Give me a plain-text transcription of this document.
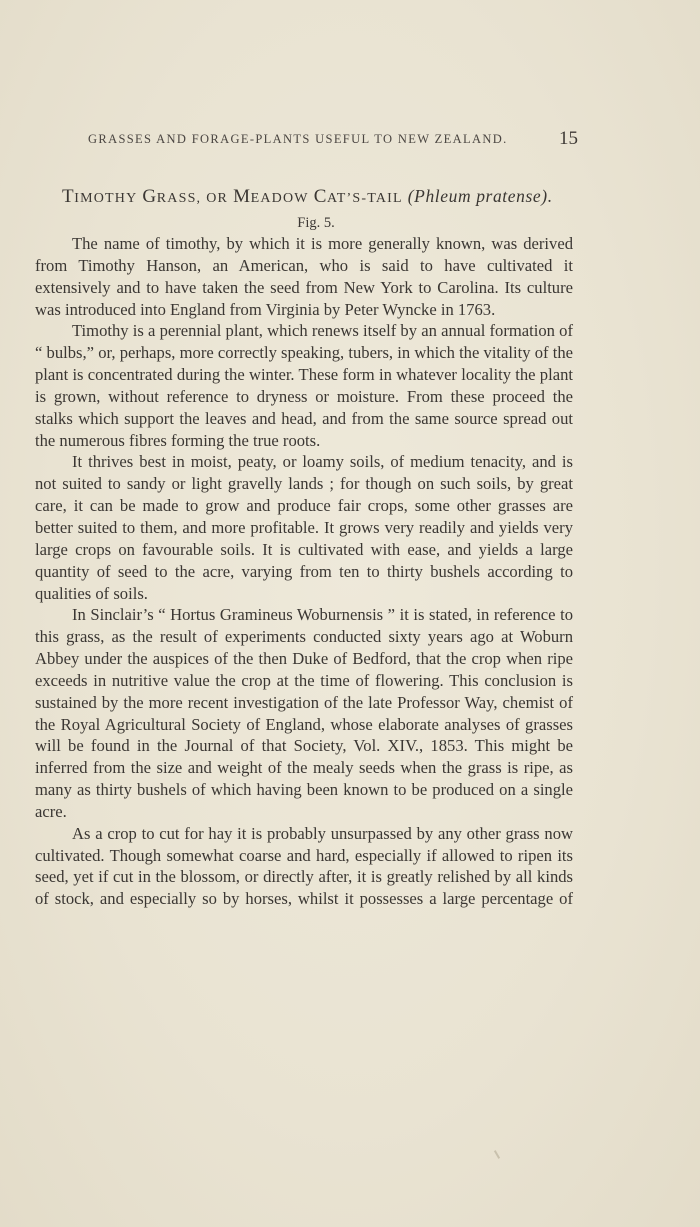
GRASSES AND FORAGE-PLANTS USEFUL TO NEW ZEALAND.	15
TIMOTHY GRASS, OR MEADOW CAT’S-TAIL (Phleum pratense).
Fig. 5.

The name of timothy, by which it is more generally known, was derived from Timothy Hanson, an American, who is said to have cultivated it extensively and to have taken the seed from New York to Carolina. Its culture was introduced into England from Virginia by Peter Wyncke in 1763.

Timothy is a perennial plant, which renews itself by an annual formation of “ bulbs,” or, perhaps, more correctly speaking, tubers, in which the vitality of the plant is concentrated during the winter. These form in whatever locality the plant is grown, without reference to dryness or moisture. From these proceed the stalks which support the leaves and head, and from the same source spread out the numerous fibres forming the true roots.

It thrives best in moist, peaty, or loamy soils, of medium tenacity, and is not suited to sandy or light gravelly lands ; for though on such soils, by great care, it can be made to grow and produce fair crops, some other grasses are better suited to them, and more profitable. It grows very readily and yields very large crops on favourable soils. It is cultivated with ease, and yields a large quantity of seed to the acre, varying from ten to thirty bushels according to qualities of soils.

In Sinclair’s “ Hortus Gramineus Woburnensis ” it is stated, in reference to this grass, as the result of experiments conducted sixty years ago at Woburn Abbey under the auspices of the then Duke of Bedford, that the crop when ripe exceeds in nutritive value the crop at the time of flowering. This conclusion is sustained by the more recent investigation of the late Professor Way, chemist of the Royal Agricultural Society of England, whose elaborate analyses of grasses will be found in the Journal of that Society, Vol. XIV., 1853. This might be inferred from the size and weight of the mealy seeds when the grass is ripe, as many as thirty bushels of which having been known to be produced on a single acre.

As a crop to cut for hay it is probably unsurpassed by any other grass now cultivated. Though somewhat coarse and hard, especially if allowed to ripen its seed, yet if cut in the blossom, or directly after, it is greatly relished by all kinds of stock, and especially so by horses, whilst it possesses a large percentage of
